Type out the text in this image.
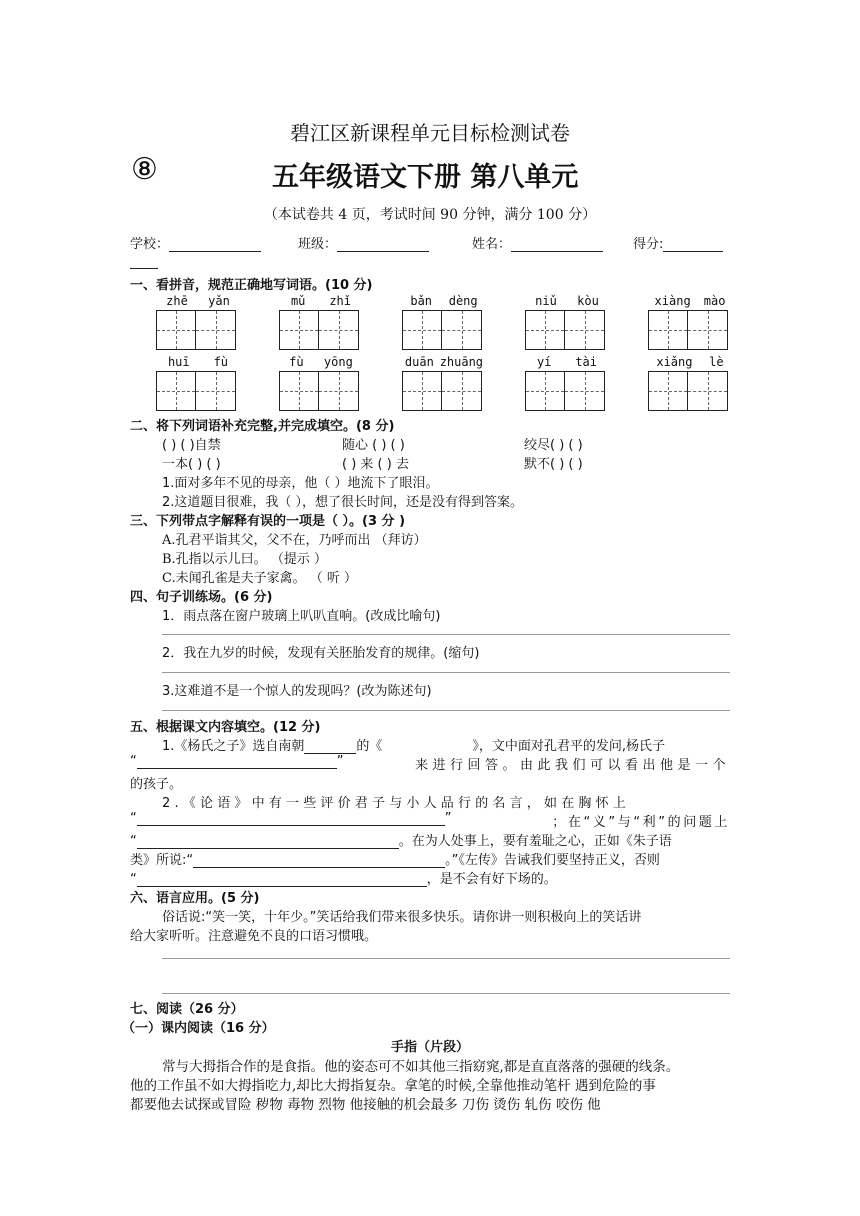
碧江区新课程单元目标检测试卷
⑧	五年级语文下册 第八单元
（本试卷共 4 页，考试时间 90 分钟，满分 100 分）
学校：	班级：	姓名：	得分:
一、看拼音，规范正确地写词语。(10 分)
zhē yǎn	mǔ zhǐ	bǎn dèng	niǔ kòu	xiàng mào
huī fù	fù yōng	duān zhuāng	yí tài	xiǎng lè
二、将下列词语补充完整,并完成填空。(8 分)
( ) ( )自禁	随心 ( ) ( )	绞尽( ) ( )
一本( ) ( )	( ) 来 ( ) 去	默不( ) ( )
1.面对多年不见的母亲，他（ ）地流下了眼泪。
2.这道题目很难，我（ ），想了很长时间，还是没有得到答案。
三、下列带点字解释有误的一项是（ ）。(3 分 )
A.孔君平诣其父，父不在，乃呼而出 （拜访）
B.孔指以示儿曰。 （提示 ）
C.未闻孔雀是夫子家禽。 （ 听 ）
四、句子训练场。(6 分)
1．雨点落在窗户玻璃上叭叭直响。(改成比喻句)
2．我在九岁的时候，发现有关胚胎发育的规律。(缩句)
3.这难道不是一个惊人的发现吗？(改为陈述句)
五、根据课文内容填空。(12 分)
1.《杨氏之子》选自南朝	的《	》，文中面对孔君平的发问,杨氏子
“	”	来进行回答。由此我们可以看出他是一个
的孩子。
2.《论语》中有一些评价君子与小人品行的名言，如在胸怀上
“	”	；在“义”与“利”的问题上
“	。在为人处事上，要有羞耻之心，正如《朱子语
类》所说:“	。”《左传》告诫我们要坚持正义，否则
“	，是不会有好下场的。
六、语言应用。(5 分)
俗话说:“笑一笑，十年少。”笑话给我们带来很多快乐。请你讲一则积极向上的笑话讲
给大家听听。注意避免不良的口语习惯哦。
七、阅读（26 分）
（一）课内阅读（16 分）
手指（片段）
常与大拇指合作的是食指。他的姿态可不如其他三指窈窕,都是直直落落的强硬的线条。
他的工作虽不如大拇指吃力,却比大拇指复杂。拿笔的时候,全靠他推动笔杆 遇到危险的事
都要他去试探或冒险 秽物 毒物 烈物 他接触的机会最多 刀伤 烫伤 轧伤 咬伤 他
